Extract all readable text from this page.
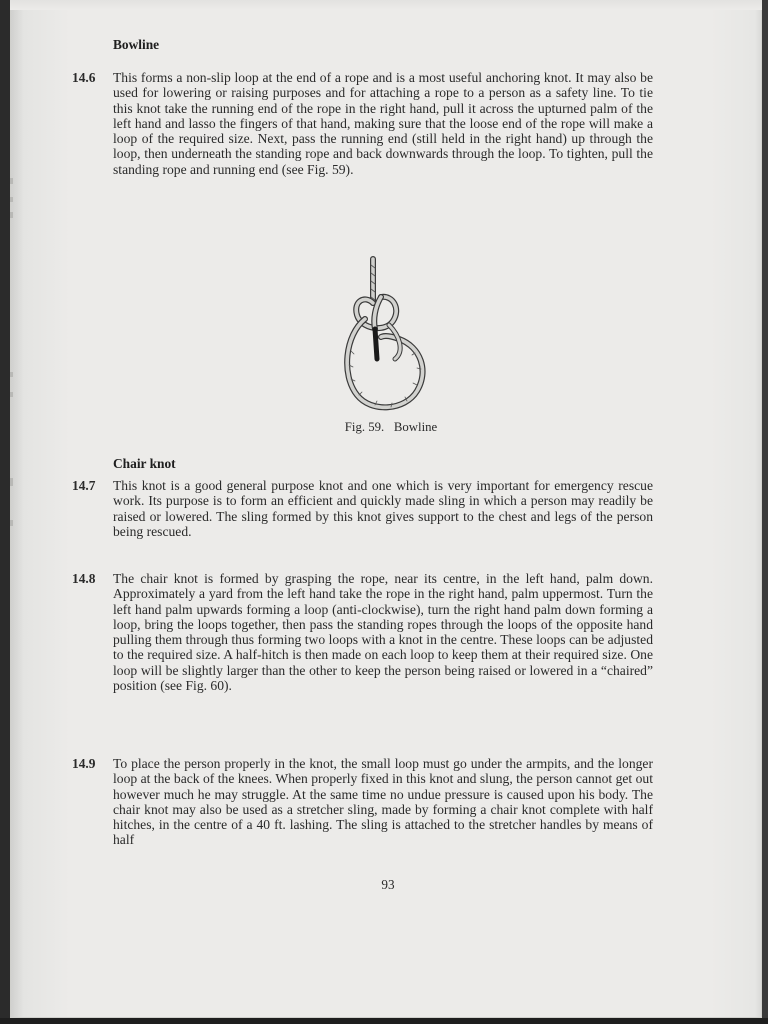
Bowline
14.6 This forms a non-slip loop at the end of a rope and is a most useful anchoring knot. It may also be used for lowering or raising purposes and for attaching a rope to a person as a safety line. To tie this knot take the running end of the rope in the right hand, pull it across the upturned palm of the left hand and lasso the fingers of that hand, making sure that the loose end of the rope will make a loop of the required size. Next, pass the running end (still held in the right hand) up through the loop, then underneath the standing rope and back downwards through the loop. To tighten, pull the standing rope and running end (see Fig. 59).
Fig. 59.  Bowline
Chair knot
14.7 This knot is a good general purpose knot and one which is very important for emergency rescue work. Its purpose is to form an efficient and quickly made sling in which a person may readily be raised or lowered. The sling formed by this knot gives support to the chest and legs of the person being rescued.
14.8 The chair knot is formed by grasping the rope, near its centre, in the left hand, palm down. Approximately a yard from the left hand take the rope in the right hand, palm uppermost. Turn the left hand palm upwards forming a loop (anti-clockwise), turn the right hand palm down forming a loop, bring the loops together, then pass the standing ropes through the loops of the opposite hand pulling them through thus forming two loops with a knot in the centre. These loops can be adjusted to the required size. A half-hitch is then made on each loop to keep them at their required size. One loop will be slightly larger than the other to keep the person being raised or lowered in a “chaired” position (see Fig. 60).
14.9 To place the person properly in the knot, the small loop must go under the armpits, and the longer loop at the back of the knees. When properly fixed in this knot and slung, the person cannot get out however much he may struggle. At the same time no undue pressure is caused upon his body. The chair knot may also be used as a stretcher sling, made by forming a chair knot complete with half hitches, in the centre of a 40 ft. lashing. The sling is attached to the stretcher handles by means of half
93
